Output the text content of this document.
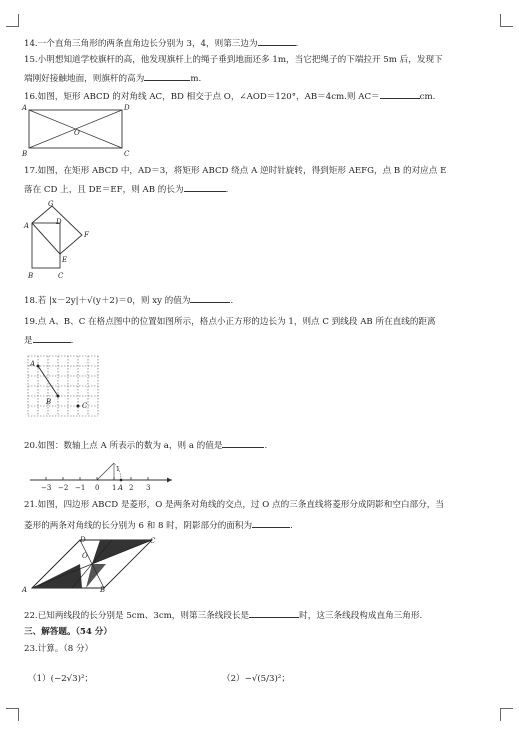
14.一个直角三角形的两条直角边长分别为 3，4，则第三边为	.
15.小明想知道学校旗杆的高，他发现旗杆上的绳子垂到地面还多 1m，当它把绳子的下端拉开 5m 后，发现下
端刚好接触地面，则旗杆的高为	m.
16.如图，矩形 ABCD 的对角线 AC，BD 相交于点 O，∠AOD＝120°，AB＝4cm.则 AC＝	cm.
A	D
O
B	C
17.如图，在矩形 ABCD 中，AD＝3，将矩形 ABCD 绕点 A 逆时针旋转，得到矩形 AEFG，点 B 的对应点 E
落在 CD 上，且 DE＝EF，则 AB 的长为	.
G
A	D
F
E
B	C
18.若 |x－2y|＋√(y＋2)＝0，则 xy 的值为	.
19.点 A、B、C 在格点图中的位置如图所示，格点小正方形的边长为 1，则点 C 到线段 AB 所在直线的距离
是	.
A
B	C
20.如图：数轴上点 A 所表示的数为 a，则 a 的值是	.
−3 −2 −1 0 1 A 2 3
1
21.如图，四边形 ABCD 是菱形，O 是两条对角线的交点，过 O 点的三条直线将菱形分成阴影和空白部分，当
菱形的两条对角线的长分别为 6 和 8 时，阴影部分的面积为	.
D	C
O
A	B
22.已知两线段的长分别是 5cm、3cm，则第三条线段长是	时，这三条线段构成直角三角形.
三、解答题。（54 分）
23.计算。（8 分）
（1）(−2√3)²；	（2）−√(5/3)²；
